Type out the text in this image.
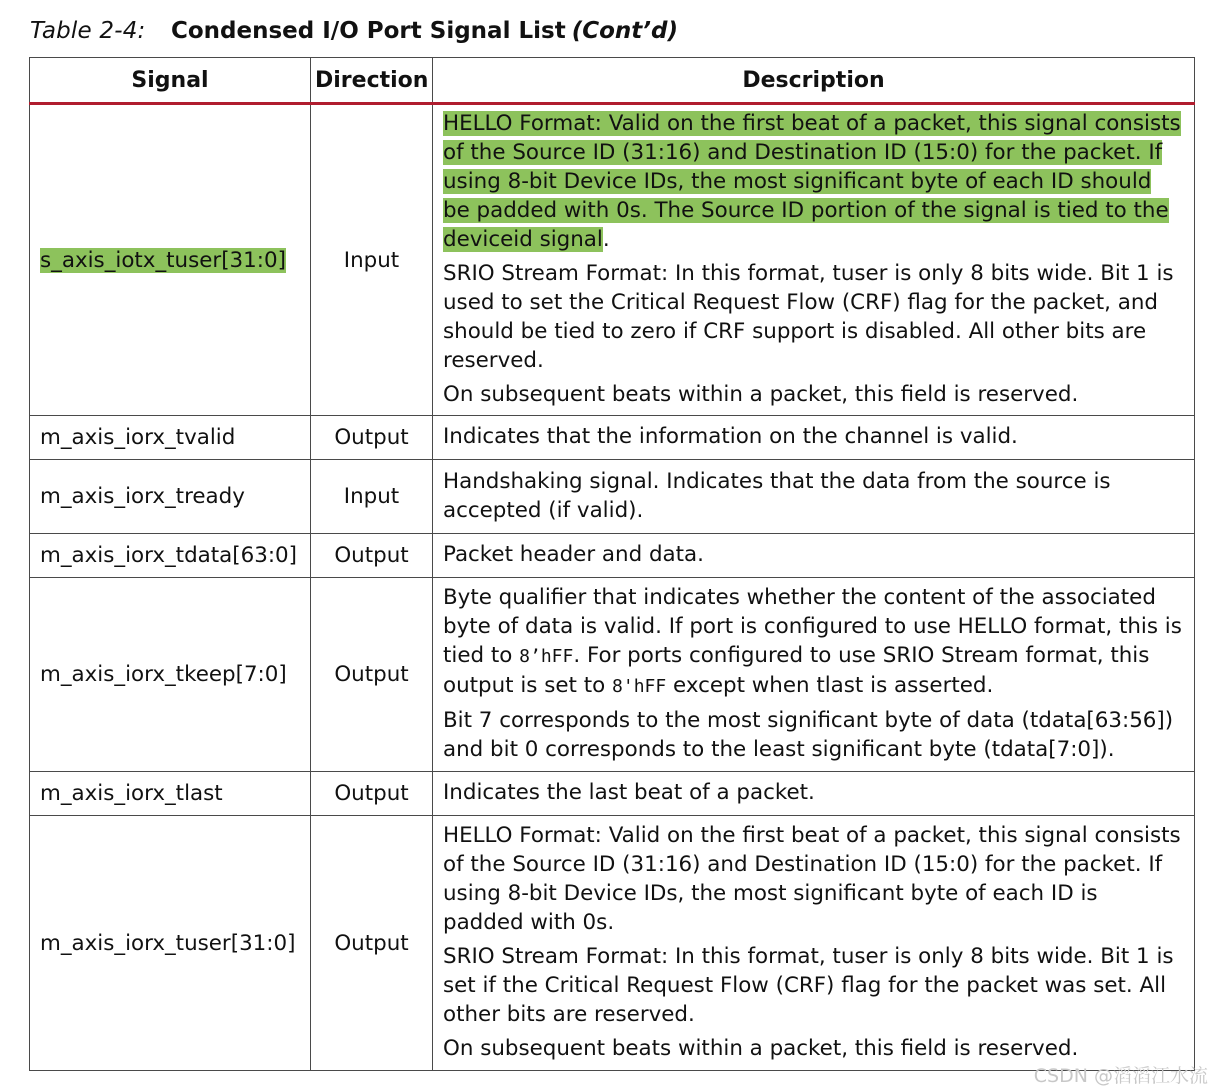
Table 2-4:	Condensed I/O Port Signal List (Cont’d)
Signal	Direction	Description
s_axis_iotx_tuser[31:0]	Input	HELLO Format: Valid on the first beat of a packet, this signal consists of the Source ID (31:16) and Destination ID (15:0) for the packet. If using 8-bit Device IDs, the most significant byte of each ID should be padded with 0s. The Source ID portion of the signal is tied to the deviceid signal.

SRIO Stream Format: In this format, tuser is only 8 bits wide. Bit 1 is used to set the Critical Request Flow (CRF) flag for the packet, and should be tied to zero if CRF support is disabled. All other bits are reserved.

On subsequent beats within a packet, this field is reserved.

m_axis_iorx_tvalid	Output	Indicates that the information on the channel is valid.

m_axis_iorx_tready	Input	Handshaking signal. Indicates that the data from the source is accepted (if valid).

m_axis_iorx_tdata[63:0]	Output	Packet header and data.

m_axis_iorx_tkeep[7:0]	Output	Byte qualifier that indicates whether the content of the associated byte of data is valid. If port is configured to use HELLO format, this is tied to 8’hFF. For ports configured to use SRIO Stream format, this output is set to 8'hFF except when tlast is asserted.

Bit 7 corresponds to the most significant byte of data (tdata[63:56]) and bit 0 corresponds to the least significant byte (tdata[7:0]).

m_axis_iorx_tlast	Output	Indicates the last beat of a packet.

m_axis_iorx_tuser[31:0]	Output	HELLO Format: Valid on the first beat of a packet, this signal consists of the Source ID (31:16) and Destination ID (15:0) for the packet. If using 8-bit Device IDs, the most significant byte of each ID is padded with 0s.

SRIO Stream Format: In this format, tuser is only 8 bits wide. Bit 1 is set if the Critical Request Flow (CRF) flag for the packet was set. All other bits are reserved.

On subsequent beats within a packet, this field is reserved.

CSDN @滔滔江水流
